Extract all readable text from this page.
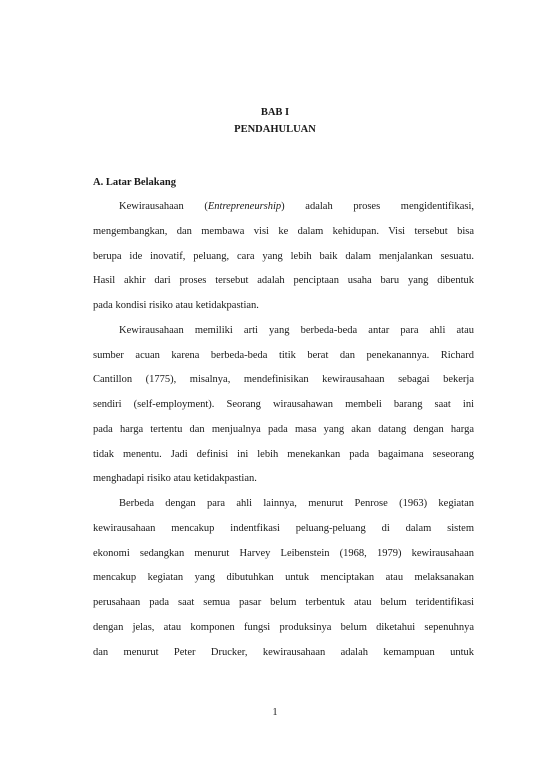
BAB I
PENDAHULUAN
A. Latar Belakang
Kewirausahaan (Entrepreneurship) adalah proses mengidentifikasi,
mengembangkan, dan membawa visi ke dalam kehidupan. Visi tersebut bisa
berupa ide inovatif, peluang, cara yang lebih baik dalam menjalankan sesuatu.
Hasil akhir dari proses tersebut adalah penciptaan usaha baru yang dibentuk
pada kondisi risiko atau ketidakpastian.
Kewirausahaan memiliki arti yang berbeda-beda antar para ahli atau
sumber acuan karena berbeda-beda titik berat dan penekanannya. Richard
Cantillon (1775), misalnya, mendefinisikan kewirausahaan sebagai bekerja
sendiri (self-employment). Seorang wirausahawan membeli barang saat ini
pada harga tertentu dan menjualnya pada masa yang akan datang dengan harga
tidak menentu. Jadi definisi ini lebih menekankan pada bagaimana seseorang
menghadapi risiko atau ketidakpastian.
Berbeda dengan para ahli lainnya, menurut Penrose (1963) kegiatan
kewirausahaan mencakup indentfikasi peluang-peluang di dalam sistem
ekonomi sedangkan menurut Harvey Leibenstein (1968, 1979) kewirausahaan
mencakup kegiatan yang dibutuhkan untuk menciptakan atau melaksanakan
perusahaan pada saat semua pasar belum terbentuk atau belum teridentifikasi
dengan jelas, atau komponen fungsi produksinya belum diketahui sepenuhnya
dan menurut Peter Drucker, kewirausahaan adalah kemampuan untuk
1
